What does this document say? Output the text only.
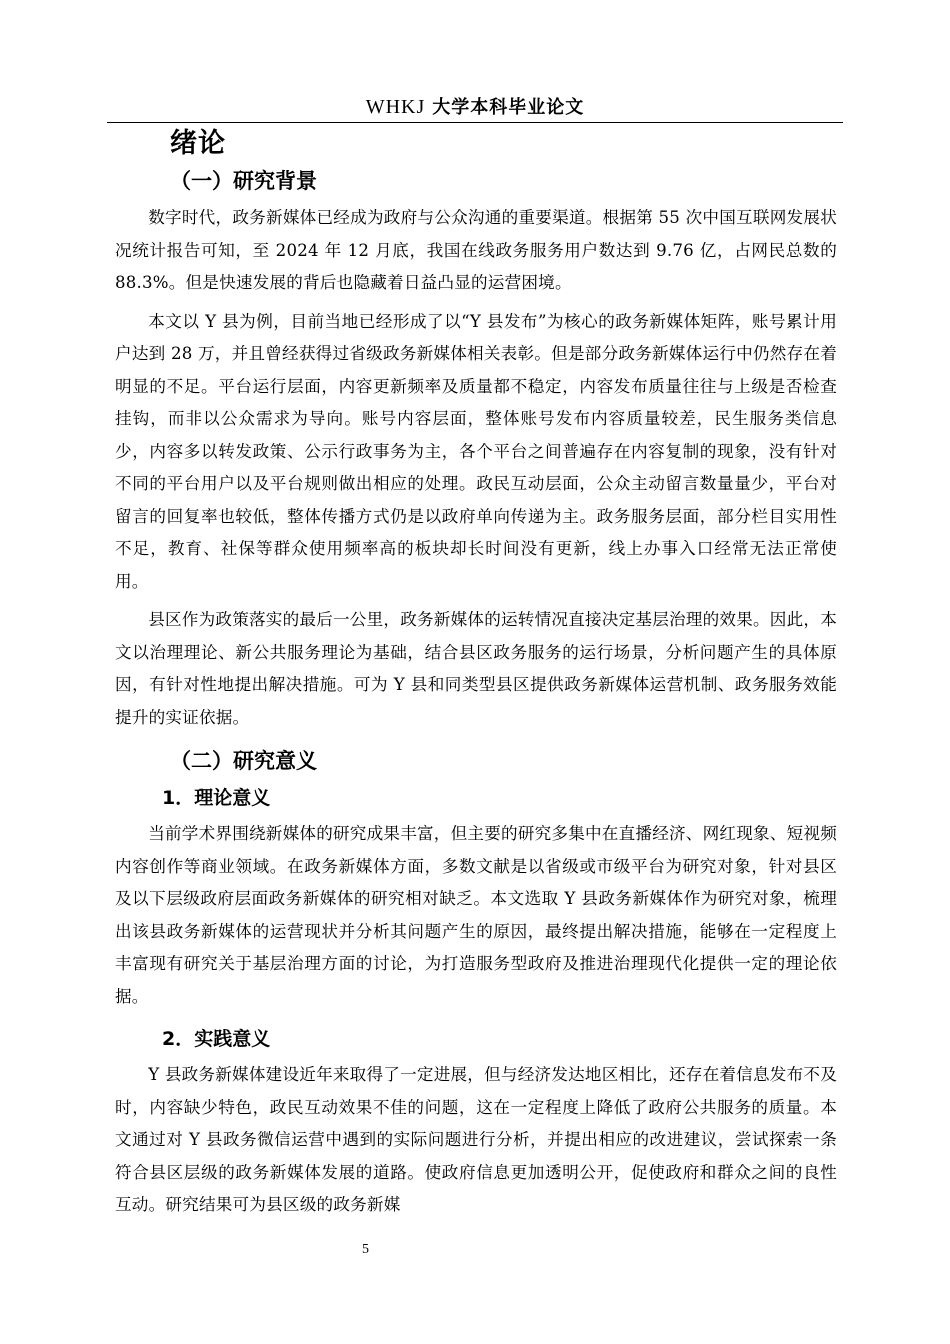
WHKJ 大学本科毕业论文
绪论
（一）研究背景

数字时代，政务新媒体已经成为政府与公众沟通的重要渠道。根据第 55 次中国互联网发展状况统计报告可知，至 2024 年 12 月底，我国在线政务服务用户数达到 9.76 亿，占网民总数的 88.3%。但是快速发展的背后也隐藏着日益凸显的运营困境。

本文以 Y 县为例，目前当地已经形成了以“Y 县发布”为核心的政务新媒体矩阵，账号累计用户达到 28 万，并且曾经获得过省级政务新媒体相关表彰。但是部分政务新媒体运行中仍然存在着明显的不足。平台运行层面，内容更新频率及质量都不稳定，内容发布质量往往与上级是否检查挂钩，而非以公众需求为导向。账号内容层面，整体账号发布内容质量较差，民生服务类信息少，内容多以转发政策、公示行政事务为主，各个平台之间普遍存在内容复制的现象，没有针对不同的平台用户以及平台规则做出相应的处理。政民互动层面，公众主动留言数量量少，平台对留言的回复率也较低，整体传播方式仍是以政府单向传递为主。政务服务层面，部分栏目实用性不足，教育、社保等群众使用频率高的板块却长时间没有更新，线上办事入口经常无法正常使用。

县区作为政策落实的最后一公里，政务新媒体的运转情况直接决定基层治理的效果。因此，本文以治理理论、新公共服务理论为基础，结合县区政务服务的运行场景，分析问题产生的具体原因，有针对性地提出解决措施。可为 Y 县和同类型县区提供政务新媒体运营机制、政务服务效能提升的实证依据。

（二）研究意义
1．理论意义

当前学术界围绕新媒体的研究成果丰富，但主要的研究多集中在直播经济、网红现象、短视频内容创作等商业领域。在政务新媒体方面，多数文献是以省级或市级平台为研究对象，针对县区及以下层级政府层面政务新媒体的研究相对缺乏。本文选取 Y 县政务新媒体作为研究对象，梳理出该县政务新媒体的运营现状并分析其问题产生的原因，最终提出解决措施，能够在一定程度上丰富现有研究关于基层治理方面的讨论，为打造服务型政府及推进治理现代化提供一定的理论依据。

2．实践意义

Y 县政务新媒体建设近年来取得了一定进展，但与经济发达地区相比，还存在着信息发布不及时，内容缺少特色，政民互动效果不佳的问题，这在一定程度上降低了政府公共服务的质量。本文通过对 Y 县政务微信运营中遇到的实际问题进行分析，并提出相应的改进建议，尝试探索一条符合县区层级的政务新媒体发展的道路。使政府信息更加透明公开，促使政府和群众之间的良性互动。研究结果可为县区级的政务新媒

5
